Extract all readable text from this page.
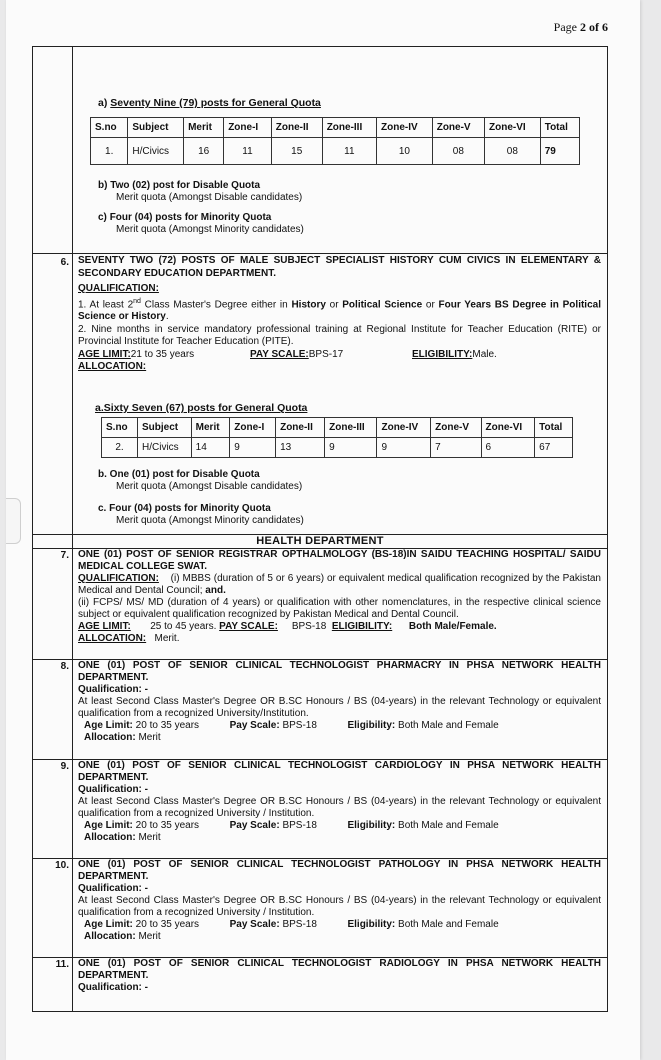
Page 2 of 6
a) Seventy Nine (79) posts for General Quota
S.no	Subject	Merit	Zone-I	Zone-II	Zone-III	Zone-IV	Zone-V	Zone-VI	Total
1.	H/Civics	16	11	15	11	10	08	08	79
b) Two (02) post for Disable Quota
Merit quota (Amongst Disable candidates)
c) Four (04) posts for Minority Quota
Merit quota (Amongst Minority candidates)
6. SEVENTY TWO (72) POSTS OF MALE SUBJECT SPECIALIST HISTORY CUM CIVICS IN ELEMENTARY & SECONDARY EDUCATION DEPARTMENT.
QUALIFICATION:
1. At least 2nd Class Master's Degree either in History or Political Science or Four Years BS Degree in Political Science or History.
2. Nine months in service mandatory professional training at Regional Institute for Teacher Education (RITE) or Provincial Institute for Teacher Education (PITE).
AGE LIMIT:21 to 35 years	PAY SCALE:BPS-17	ELIGIBILITY:Male.
ALLOCATION:
a.Sixty Seven (67) posts for General Quota
S.no	Subject	Merit	Zone-I	Zone-II	Zone-III	Zone-IV	Zone-V	Zone-VI	Total
2.	H/Civics	14	9	13	9	9	7	6	67
b. One (01) post for Disable Quota
Merit quota (Amongst Disable candidates)
c. Four (04) posts for Minority Quota
Merit quota (Amongst Minority candidates)
HEALTH DEPARTMENT
7. ONE (01) POST OF SENIOR REGISTRAR OPTHALMOLOGY (BS-18)IN SAIDU TEACHING HOSPITAL/ SAIDU MEDICAL COLLEGE SWAT.
QUALIFICATION: (i) MBBS (duration of 5 or 6 years) or equivalent medical qualification recognized by the Pakistan Medical and Dental Council; and.
(ii) FCPS/ MS/ MD (duration of 4 years) or qualification with other nomenclatures, in the respective clinical science subject or equivalent qualification recognized by Pakistan Medical and Dental Council.
AGE LIMIT: 25 to 45 years. PAY SCALE: BPS-18 ELIGIBILITY: Both Male/Female.
ALLOCATION: Merit.
8. ONE (01) POST OF SENIOR CLINICAL TECHNOLOGIST PHARMACRY IN PHSA NETWORK HEALTH DEPARTMENT.
Qualification: -
At least Second Class Master's Degree OR B.SC Honours / BS (04-years) in the relevant Technology or equivalent qualification from a recognized University/Institution.
Age Limit: 20 to 35 years	Pay Scale: BPS-18	Eligibility: Both Male and Female
Allocation: Merit
9. ONE (01) POST OF SENIOR CLINICAL TECHNOLOGIST CARDIOLOGY IN PHSA NETWORK HEALTH DEPARTMENT.
Qualification: -
At least Second Class Master's Degree OR B.SC Honours / BS (04-years) in the relevant Technology or equivalent qualification from a recognized University / Institution.
Age Limit: 20 to 35 years	Pay Scale: BPS-18	Eligibility: Both Male and Female
Allocation: Merit
10. ONE (01) POST OF SENIOR CLINICAL TECHNOLOGIST PATHOLOGY IN PHSA NETWORK HEALTH DEPARTMENT.
Qualification: -
At least Second Class Master's Degree OR B.SC Honours / BS (04-years) in the relevant Technology or equivalent qualification from a recognized University / Institution.
Age Limit: 20 to 35 years	Pay Scale: BPS-18	Eligibility: Both Male and Female
Allocation: Merit
11. ONE (01) POST OF SENIOR CLINICAL TECHNOLOGIST RADIOLOGY IN PHSA NETWORK HEALTH DEPARTMENT.
Qualification: -
